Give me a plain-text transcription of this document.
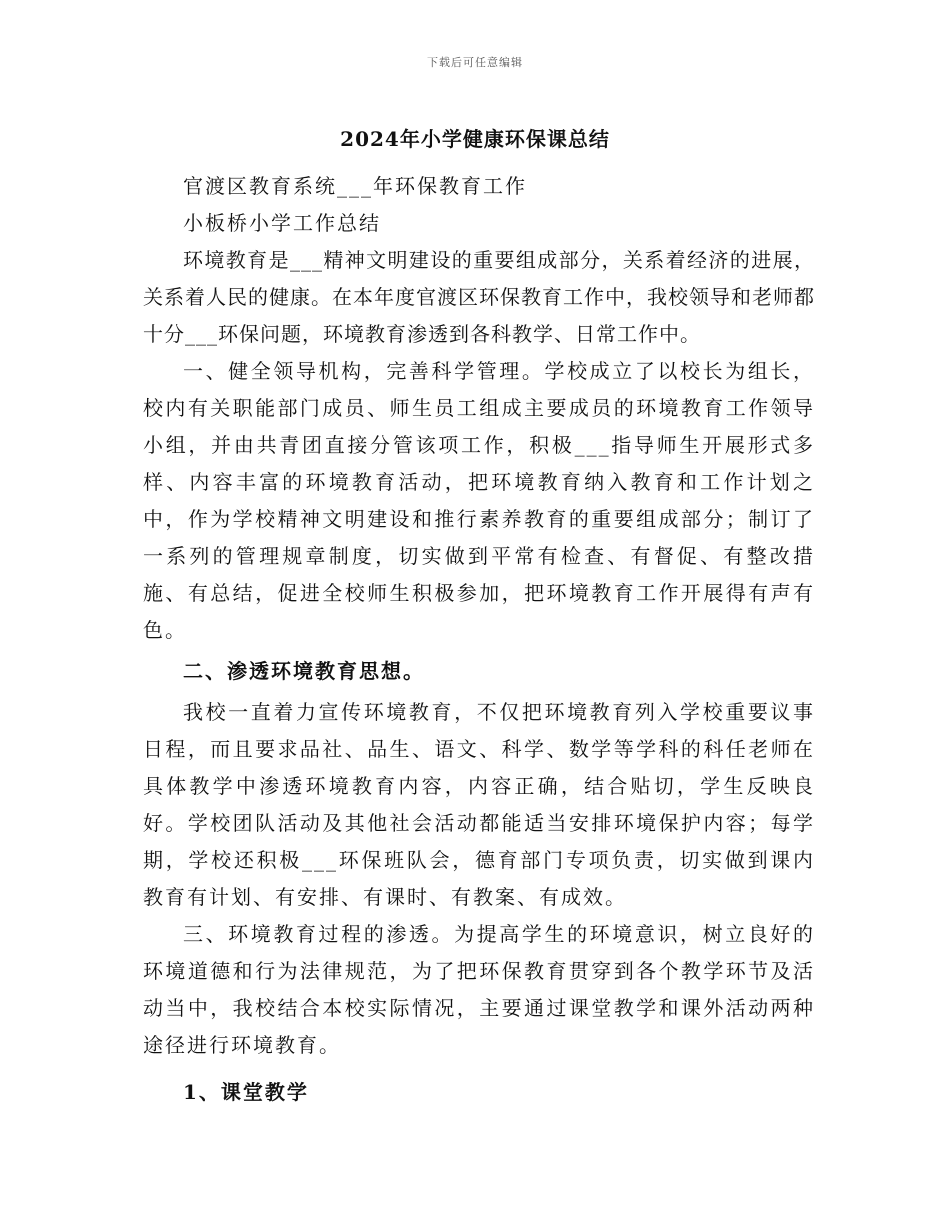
下载后可任意编辑
2024年小学健康环保课总结

官渡区教育系统___年环保教育工作

小板桥小学工作总结

环境教育是___精神文明建设的重要组成部分，关系着经济的进展，关系着人民的健康。在本年度官渡区环保教育工作中，我校领导和老师都十分___环保问题，环境教育渗透到各科教学、日常工作中。

一、健全领导机构，完善科学管理。学校成立了以校长为组长，校内有关职能部门成员、师生员工组成主要成员的环境教育工作领导小组，并由共青团直接分管该项工作，积极___指导师生开展形式多样、内容丰富的环境教育活动，把环境教育纳入教育和工作计划之中，作为学校精神文明建设和推行素养教育的重要组成部分；制订了一系列的管理规章制度，切实做到平常有检查、有督促、有整改措施、有总结，促进全校师生积极参加，把环境教育工作开展得有声有色。

二、渗透环境教育思想。

我校一直着力宣传环境教育，不仅把环境教育列入学校重要议事日程，而且要求品社、品生、语文、科学、数学等学科的科任老师在具体教学中渗透环境教育内容，内容正确，结合贴切，学生反映良好。学校团队活动及其他社会活动都能适当安排环境保护内容；每学期，学校还积极___环保班队会，德育部门专项负责，切实做到课内教育有计划、有安排、有课时、有教案、有成效。

三、环境教育过程的渗透。为提高学生的环境意识，树立良好的环境道德和行为法律规范，为了把环保教育贯穿到各个教学环节及活动当中，我校结合本校实际情况，主要通过课堂教学和课外活动两种途径进行环境教育。

1、课堂教学
